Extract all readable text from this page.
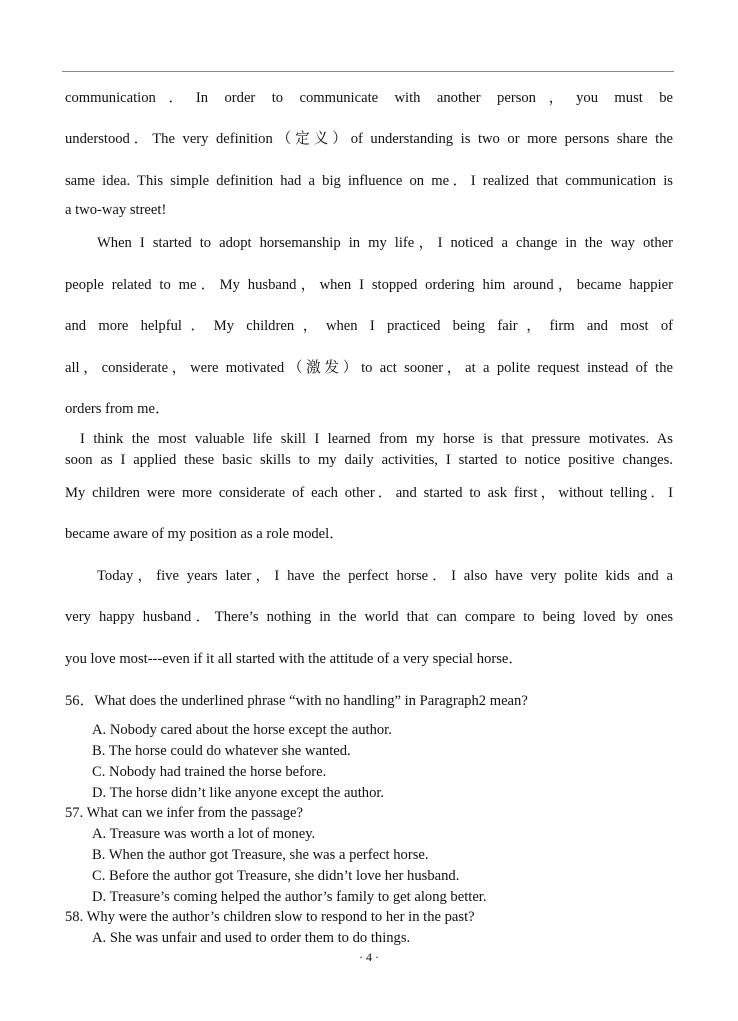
communication．In order to communicate with another person，you must be
understood．The very definition（定义）of understanding is two or more persons share the
same idea. This simple definition had a big influence on me．I realized that communication is
a two-way street!
When I started to adopt horsemanship in my life，I noticed a change in the way other
people related to me．My husband，when I stopped ordering him around，became happier
and more helpful．My children，when I practiced being fair，firm and most of
all，considerate，were motivated（激发）to act sooner，at a polite request instead of the
orders from me．
I think the most valuable life skill I learned from my horse is that pressure motivates. As
soon as I applied these basic skills to my daily activities, I started to notice positive changes.
My children were more considerate of each other．and started to ask first，without telling．I
became aware of my position as a role model．
Today，five years later，I have the perfect horse．I also have very polite kids and a
very happy husband．There’s nothing in the world that can compare to being loved by ones
you love most---even if it all started with the attitude of a very special horse．
56．What does the underlined phrase “with no handling” in Paragraph2 mean?
A. Nobody cared about the horse except the author.
B. The horse could do whatever she wanted.
C. Nobody had trained the horse before.
D. The horse didn’t like anyone except the author.
57. What can we infer from the passage?
A. Treasure was worth a lot of money.
B. When the author got Treasure, she was a perfect horse.
C. Before the author got Treasure, she didn’t love her husband.
D. Treasure’s coming helped the author’s family to get along better.
58. Why were the author’s children slow to respond to her in the past?
A. She was unfair and used to order them to do things.
· 4 ·
